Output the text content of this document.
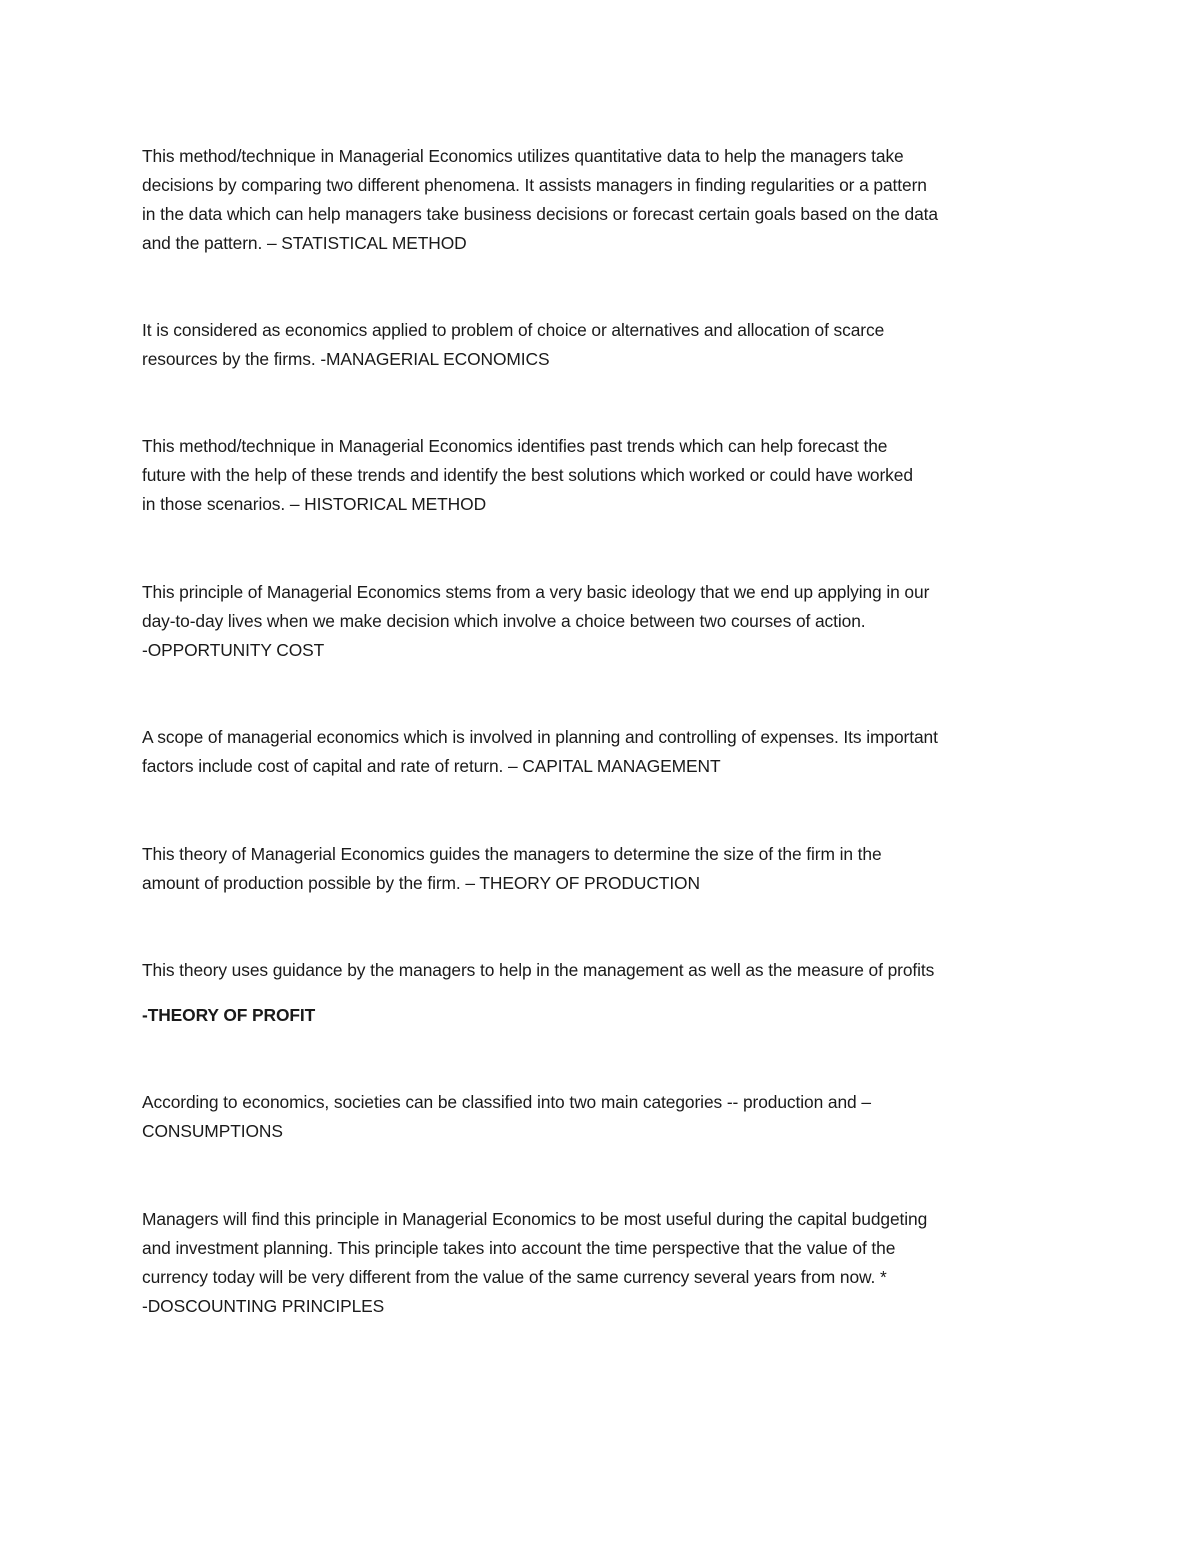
This method/technique in Managerial Economics utilizes quantitative data to help the managers take
decisions by comparing two different phenomena. It assists managers in finding regularities or a pattern
in the data which can help managers take business decisions or forecast certain goals based on the data
and the pattern. – STATISTICAL METHOD

It is considered as economics applied to problem of choice or alternatives and allocation of scarce
resources by the firms. -MANAGERIAL ECONOMICS

This method/technique in Managerial Economics identifies past trends which can help forecast the
future with the help of these trends and identify the best solutions which worked or could have worked
in those scenarios. – HISTORICAL METHOD

This principle of Managerial Economics stems from a very basic ideology that we end up applying in our
day-to-day lives when we make decision which involve a choice between two courses of action.
-OPPORTUNITY COST

A scope of managerial economics which is involved in planning and controlling of expenses. Its important
factors include cost of capital and rate of return. – CAPITAL MANAGEMENT

This theory of Managerial Economics guides the managers to determine the size of the firm in the
amount of production possible by the firm. – THEORY OF PRODUCTION

This theory uses guidance by the managers to help in the management as well as the measure of profits

-THEORY OF PROFIT

According to economics, societies can be classified into two main categories -- production and –
CONSUMPTIONS

Managers will find this principle in Managerial Economics to be most useful during the capital budgeting
and investment planning. This principle takes into account the time perspective that the value of the
currency today will be very different from the value of the same currency several years from now. *
-DOSCOUNTING PRINCIPLES
